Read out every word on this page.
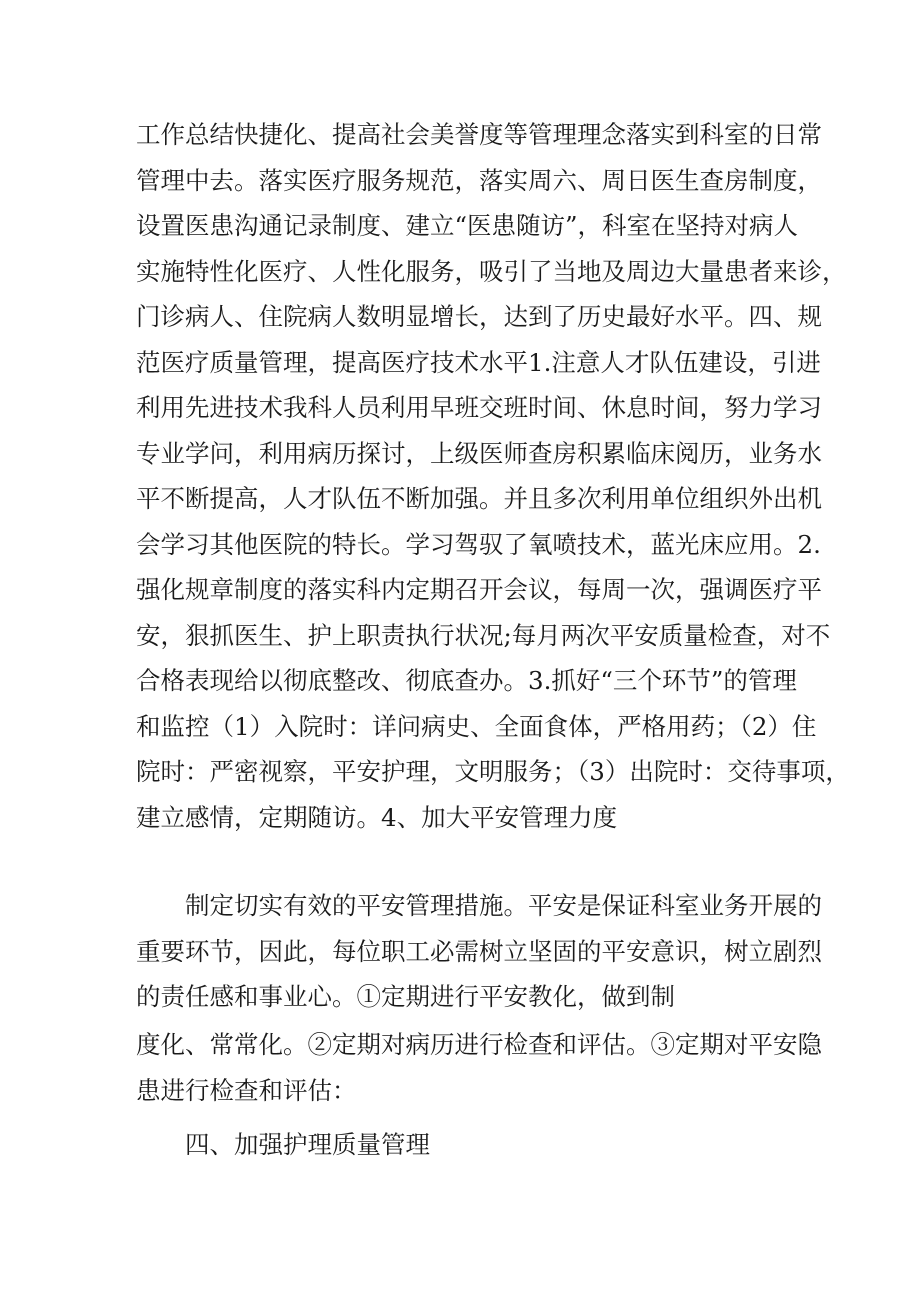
工作总结快捷化、提高社会美誉度等管理理念落实到科室的日常
管理中去。落实医疗服务规范，落实周六、周日医生查房制度，
设置医患沟通记录制度、建立“医患随访”，科室在坚持对病人
实施特性化医疗、人性化服务，吸引了当地及周边大量患者来诊，
门诊病人、住院病人数明显增长，达到了历史最好水平。四、规
范医疗质量管理，提高医疗技术水平1.注意人才队伍建设，引进
利用先进技术我科人员利用早班交班时间、休息时间，努力学习
专业学问，利用病历探讨，上级医师查房积累临床阅历，业务水
平不断提高，人才队伍不断加强。并且多次利用单位组织外出机
会学习其他医院的特长。学习驾驭了氧喷技术，蓝光床应用。2.
强化规章制度的落实科内定期召开会议，每周一次，强调医疗平
安，狠抓医生、护上职责执行状况;每月两次平安质量检查，对不
合格表现给以彻底整改、彻底查办。3.抓好“三个环节”的管理
和监控（1）入院时：详问病史、全面食体，严格用药；（2）住
院时：严密视察，平安护理，文明服务；（3）出院时：交待事项，
建立感情，定期随访。4、加大平安管理力度
制定切实有效的平安管理措施。平安是保证科室业务开展的
重要环节，因此，每位职工必需树立坚固的平安意识，树立剧烈
的责任感和事业心。①定期进行平安教化，做到制
度化、常常化。②定期对病历进行检查和评估。③定期对平安隐
患进行检查和评估：
四、加强护理质量管理
